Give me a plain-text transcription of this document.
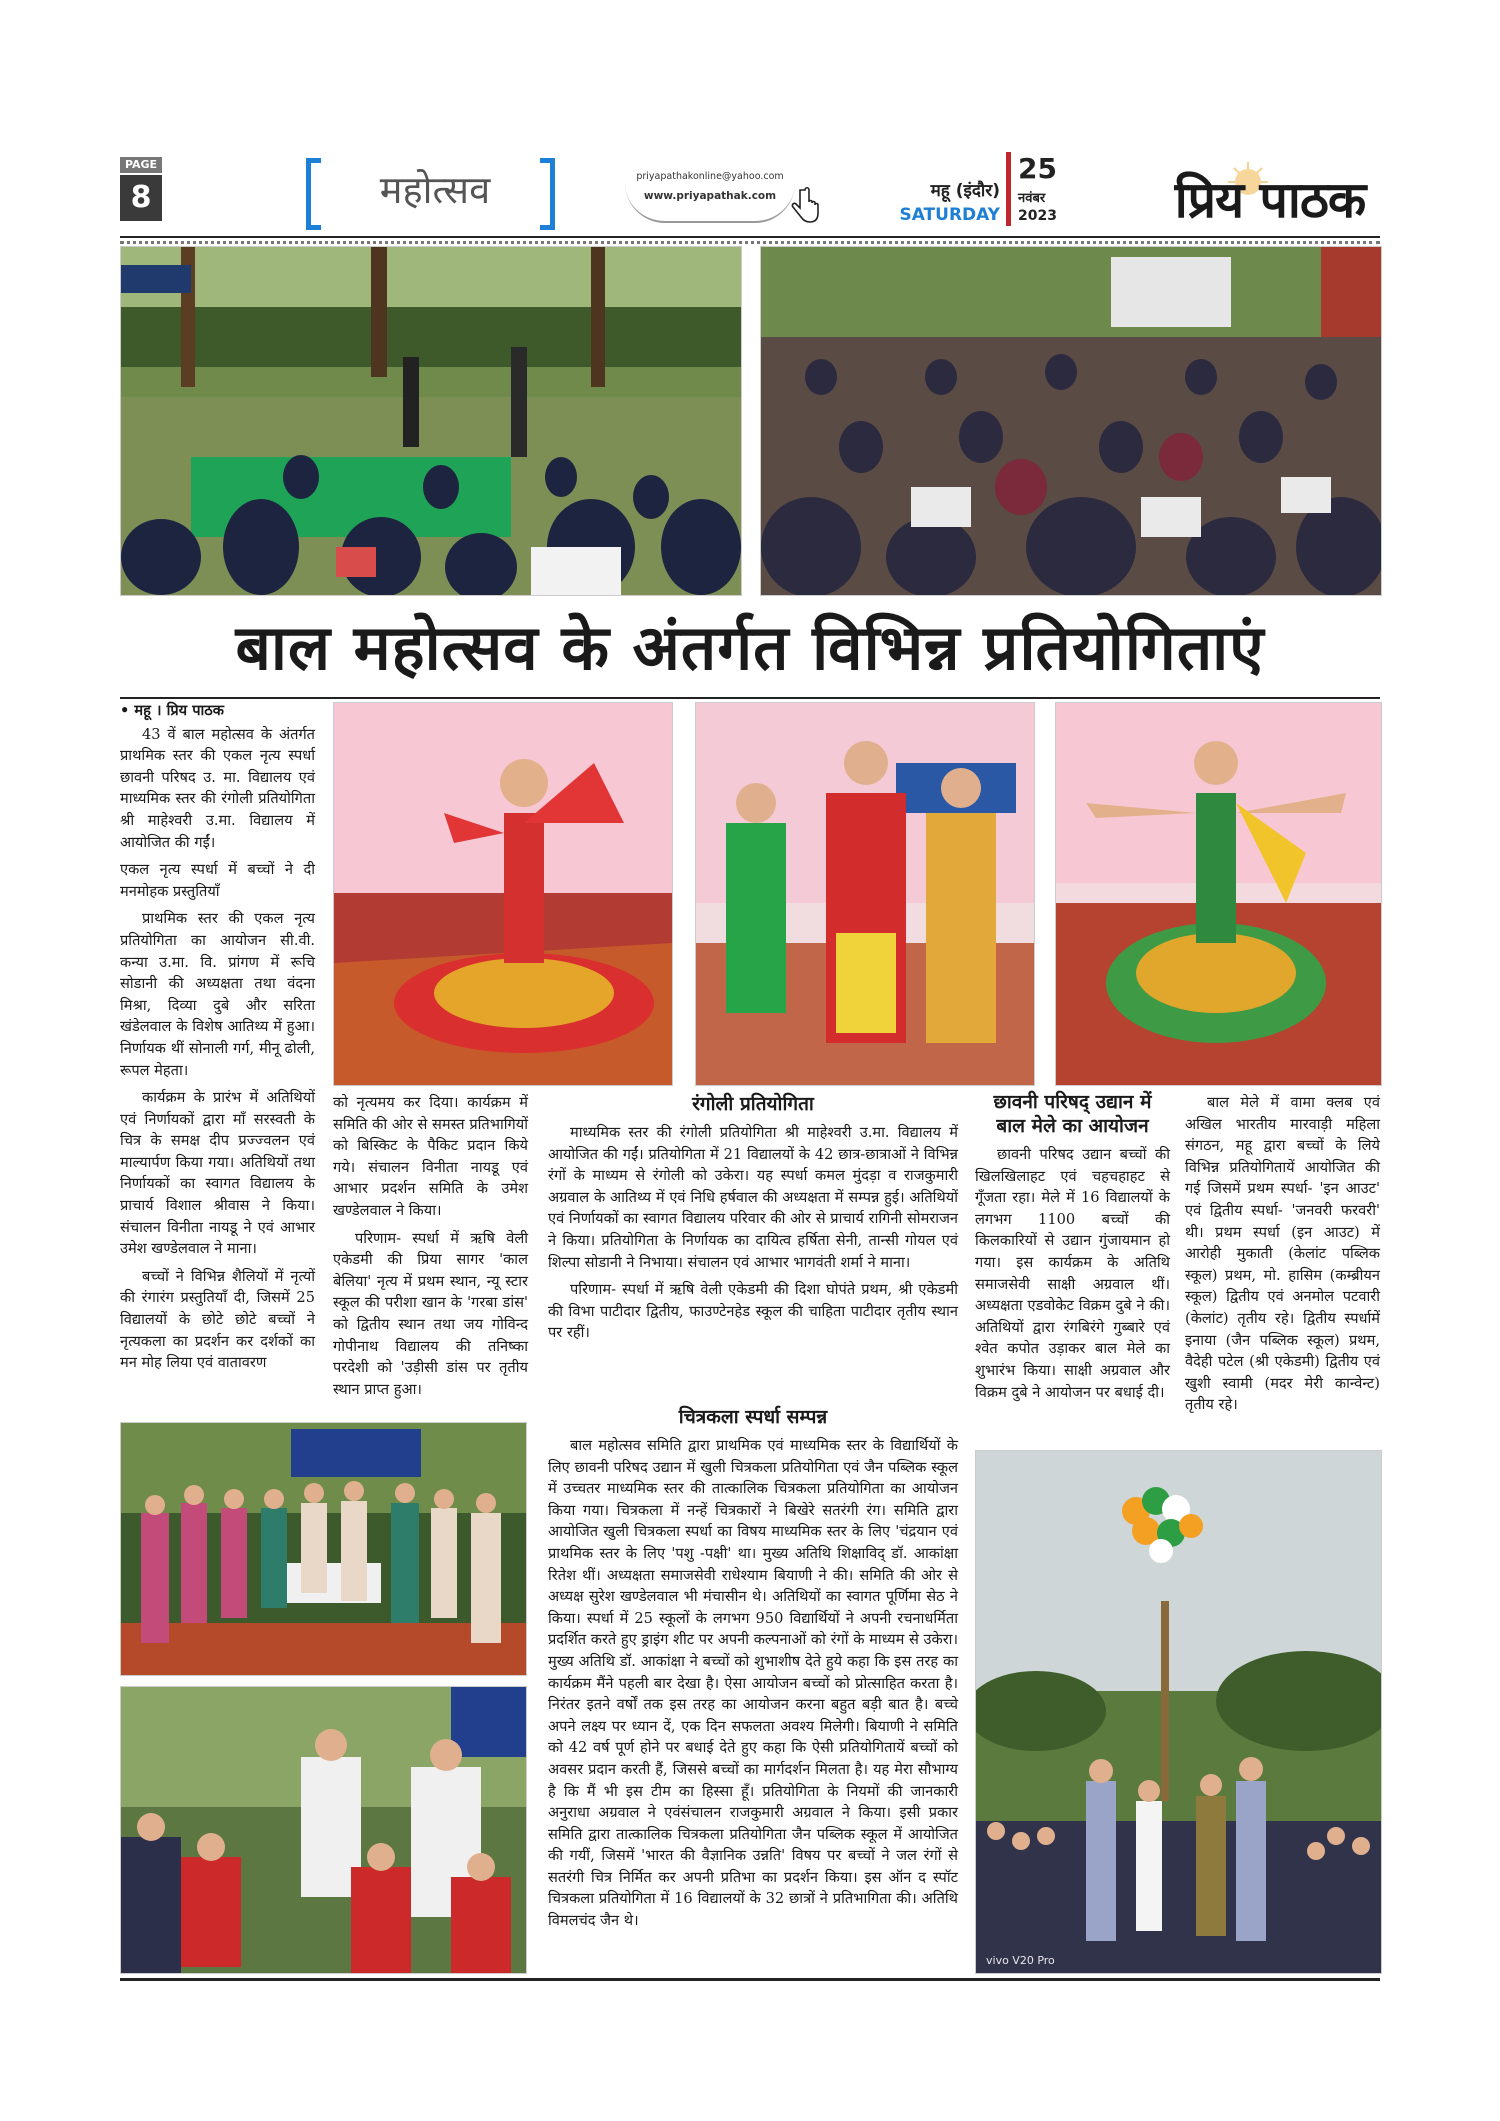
PAGE
8	महोत्सव	priyapathakonline@yahoo.com
www.priyapathak.com	महू (इंदौर)
SATURDAY
25
नवंबर
2023	प्रिय पाठक
बाल महोत्सव के अंतर्गत विभिन्न प्रतियोगिताएं

• महू । प्रिय पाठक

43 वें बाल महोत्सव के अंतर्गत प्राथमिक स्तर की एकल नृत्य स्पर्धा छावनी परिषद उ. मा. विद्यालय एवं माध्यमिक स्तर की रंगोली प्रतियोगिता श्री माहेश्वरी उ.मा. विद्यालय में आयोजित की गईं।

एकल नृत्य स्पर्धा में बच्चों ने दी मनमोहक प्रस्तुतियाँ

प्राथमिक स्तर की एकल नृत्य प्रतियोगिता का आयोजन सी.वी. कन्या उ.मा. वि. प्रांगण में रूचि सोडानी की अध्यक्षता तथा वंदना मिश्रा, दिव्या दुबे और सरिता खंडेलवाल के विशेष आतिथ्य में हुआ। निर्णायक थीं सोनाली गर्ग, मीनू ढोली, रूपल मेहता।

कार्यक्रम के प्रारंभ में अतिथियों एवं निर्णायकों द्वारा माँ सरस्वती के चित्र के समक्ष दीप प्रज्ज्वलन एवं माल्यार्पण किया गया। अतिथियों तथा निर्णायकों का स्वागत विद्यालय के प्राचार्य विशाल श्रीवास ने किया। संचालन विनीता नायडू ने एवं आभार उमेश खण्डेलवाल ने माना।

बच्चों ने विभिन्न शैलियों में नृत्यों की रंगारंग प्रस्तुतियाँ दी, जिसमें 25 विद्यालयों के छोटे छोटे बच्चों ने नृत्यकला का प्रदर्शन कर दर्शकों का मन मोह लिया एवं वातावरण

को नृत्यमय कर दिया। कार्यक्रम में समिति की ओर से समस्त प्रतिभागियों को बिस्किट के पैकिट प्रदान किये गये। संचालन विनीता नायडू एवं आभार प्रदर्शन समिति के उमेश खण्डेलवाल ने किया।

परिणाम- स्पर्धा में ऋषि वेली एकेडमी की प्रिया सागर 'काल बेलिया' नृत्य में प्रथम स्थान, न्यू स्टार स्कूल की परीशा खान के 'गरबा डांस' को द्वितीय स्थान तथा जय गोविन्द गोपीनाथ विद्यालय की तनिष्का परदेशी को 'उड़ीसी डांस पर तृतीय स्थान प्राप्त हुआ।

रंगोली प्रतियोगिता

माध्यमिक स्तर की रंगोली प्रतियोगिता श्री माहेश्वरी उ.मा. विद्यालय में आयोजित की गईं। प्रतियोगिता में 21 विद्यालयों के 42 छात्र-छात्राओं ने विभिन्न रंगों के माध्यम से रंगोली को उकेरा। यह स्पर्धा कमल मुंदड़ा व राजकुमारी अग्रवाल के आतिथ्य में एवं निधि हर्षवाल की अध्यक्षता में सम्पन्न हुई। अतिथियों एवं निर्णायकों का स्वागत विद्यालय परिवार की ओर से प्राचार्य रागिनी सोमराजन ने किया। प्रतियोगिता के निर्णायक का दायित्व हर्षिता सेनी, तान्सी गोयल एवं शिल्पा सोडानी ने निभाया। संचालन एवं आभार भागवंती शर्मा ने माना।

परिणाम- स्पर्धा में ऋषि वेली एकेडमी की दिशा घोपंते प्रथम, श्री एकेडमी की विभा पाटीदार द्वितीय, फाउण्टेनहेड स्कूल की चाहिता पाटीदार तृतीय स्थान पर रहीं।

चित्रकला स्पर्धा सम्पन्न

बाल महोत्सव समिति द्वारा प्राथमिक एवं माध्यमिक स्तर के विद्यार्थियों के लिए छावनी परिषद उद्यान में खुली चित्रकला प्रतियोगिता एवं जैन पब्लिक स्कूल में उच्चतर माध्यमिक स्तर की तात्कालिक चित्रकला प्रतियोगिता का आयोजन किया गया। चित्रकला में नन्हें चित्रकारों ने बिखेरे सतरंगी रंग। समिति द्वारा आयोजित खुली चित्रकला स्पर्धा का विषय माध्यमिक स्तर के लिए 'चंद्रयान एवं प्राथमिक स्तर के लिए 'पशु -पक्षी' था। मुख्य अतिथि शिक्षाविद् डॉ. आकांक्षा रितेश थीं। अध्यक्षता समाजसेवी राधेश्याम बियाणी ने की। समिति की ओर से अध्यक्ष सुरेश खण्डेलवाल भी मंचासीन थे। अतिथियों का स्वागत पूर्णिमा सेठ ने किया। स्पर्धा में 25 स्कूलों के लगभग 950 विद्यार्थियों ने अपनी रचनाधर्मिता प्रदर्शित करते हुए ड्राइंग शीट पर अपनी कल्पनाओं को रंगों के माध्यम से उकेरा। मुख्य अतिथि डॉ. आकांक्षा ने बच्चों को शुभाशीष देते हुये कहा कि इस तरह का कार्यक्रम मैंने पहली बार देखा है। ऐसा आयोजन बच्चों को प्रोत्साहित करता है। निरंतर इतने वर्षों तक इस तरह का आयोजन करना बहुत बड़ी बात है। बच्चे अपने लक्ष्य पर ध्यान दें, एक दिन सफलता अवश्य मिलेगी। बियाणी ने समिति को 42 वर्ष पूर्ण होने पर बधाई देते हुए कहा कि ऐसी प्रतियोगितायें बच्चों को अवसर प्रदान करती हैं, जिससे बच्चों का मार्गदर्शन मिलता है। यह मेरा सौभाग्य है कि मैं भी इस टीम का हिस्सा हूँ। प्रतियोगिता के नियमों की जानकारी अनुराधा अग्रवाल ने एवंसंचालन राजकुमारी अग्रवाल ने किया। इसी प्रकार समिति द्वारा तात्कालिक चित्रकला प्रतियोगिता जैन पब्लिक स्कूल में आयोजित की गयीं, जिसमें 'भारत की वैज्ञानिक उन्नति' विषय पर बच्चों ने जल रंगों से सतरंगी चित्र निर्मित कर अपनी प्रतिभा का प्रदर्शन किया। इस ऑन द स्पॉट चित्रकला प्रतियोगिता में 16 विद्यालयों के 32 छात्रों ने प्रतिभागिता की। अतिथि विमलचंद जैन थे।

छावनी परिषद् उद्यान में
बाल मेले का आयोजन

छावनी परिषद उद्यान बच्चों की खिलखिलाहट एवं चहचहाहट से गूँजता रहा। मेले में 16 विद्यालयों के लगभग 1100 बच्चों की किलकारियों से उद्यान गुंजायमान हो गया। इस कार्यक्रम के अतिथि समाजसेवी साक्षी अग्रवाल थीं। अध्यक्षता एडवोकेट विक्रम दुबे ने की। अतिथियों द्वारा रंगबिरंगे गुब्बारे एवं श्वेत कपोत उड़ाकर बाल मेले का शुभारंभ किया। साक्षी अग्रवाल और विक्रम दुबे ने आयोजन पर बधाई दी।

बाल मेले में वामा क्लब एवं अखिल भारतीय मारवाड़ी महिला संगठन, महू द्वारा बच्चों के लिये विभिन्न प्रतियोगितायें आयोजित की गई जिसमें प्रथम स्पर्धा- 'इन आउट' एवं द्वितीय स्पर्धा- 'जनवरी फरवरी' थी। प्रथम स्पर्धा (इन आउट) में आरोही मुकाती (केलांट पब्लिक स्कूल) प्रथम, मो. हासिम (कम्ब्रीयन स्कूल) द्वितीय एवं अनमोल पटवारी (केलांट) तृतीय रहे। द्वितीय स्पर्धामें इनाया (जैन पब्लिक स्कूल) प्रथम, वैदेही पटेल (श्री एकेडमी) द्वितीय एवं खुशी स्वामी (मदर मेरी कान्वेन्ट) तृतीय रहे।

vivo V20 Pro
